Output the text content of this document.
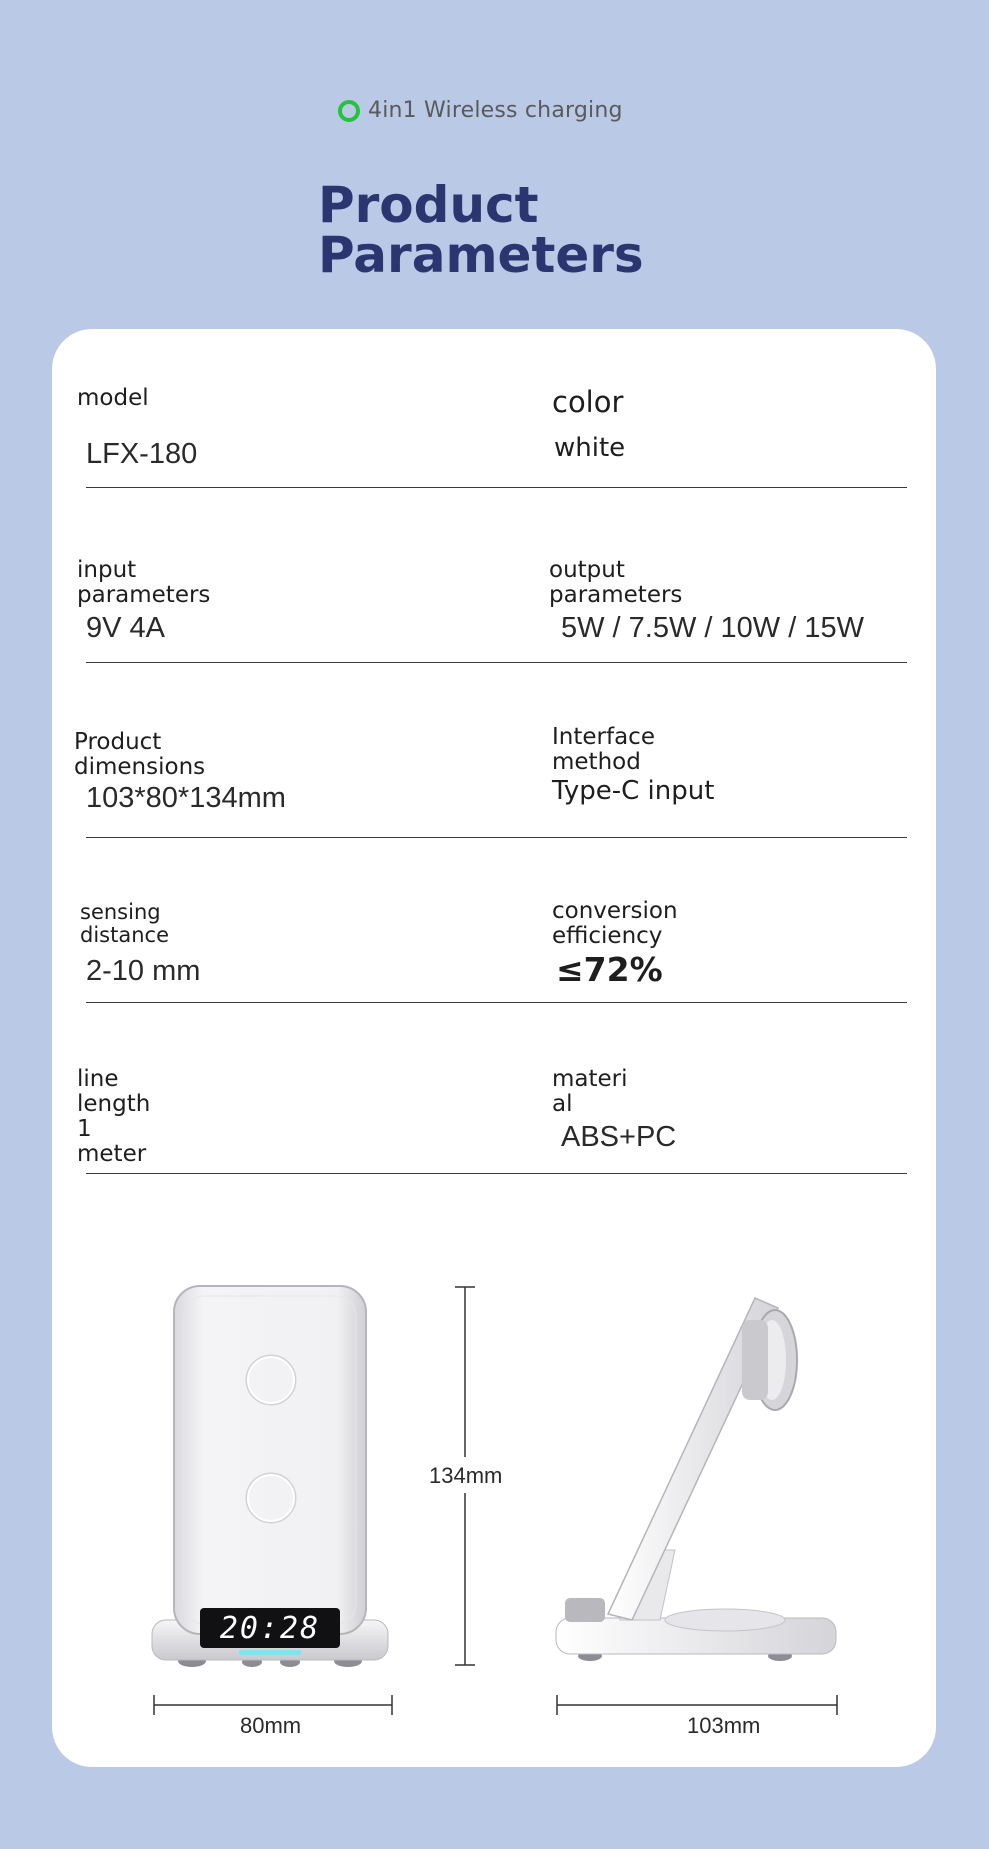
4in1 Wireless charging
Product
Parameters
model
LFX-180
color
white
input
parameters
9V 4A
output
parameters
5W / 7.5W / 10W / 15W
Product
dimensions
103*80*134mm
Interface
method
Type-C input
sensing
distance
2-10 mm
conversion
efficiency
≤72%
line
length
1
meter
materi
al
ABS+PC
20:28
134mm
80mm	103mm
